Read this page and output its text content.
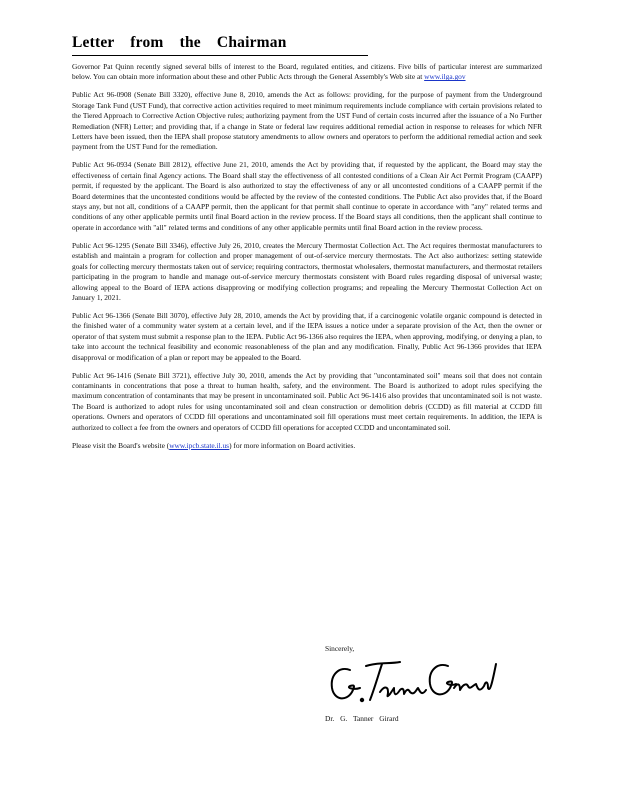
Letter from the Chairman

Governor Pat Quinn recently signed several bills of interest to the Board, regulated entities, and citizens. Five bills of particular interest are summarized below. You can obtain more information about these and other Public Acts through the General Assembly's Web site at www.ilga.gov

Public Act 96-0908 (Senate Bill 3320), effective June 8, 2010, amends the Act as follows: providing, for the purpose of payment from the Underground Storage Tank Fund (UST Fund), that corrective action activities required to meet minimum requirements include compliance with certain provisions related to the Tiered Approach to Corrective Action Objective rules; authorizing payment from the UST Fund of certain costs incurred after the issuance of a No Further Remediation (NFR) Letter; and providing that, if a change in State or federal law requires additional remedial action in response to releases for which NFR Letters have been issued, then the IEPA shall propose statutory amendments to allow owners and operators to perform the additional remedial action and seek payment from the UST Fund for the remediation.

Public Act 96-0934 (Senate Bill 2812), effective June 21, 2010, amends the Act by providing that, if requested by the applicant, the Board may stay the effectiveness of certain final Agency actions. The Board shall stay the effectiveness of all contested conditions of a Clean Air Act Permit Program (CAAPP) permit, if requested by the applicant. The Board is also authorized to stay the effectiveness of any or all uncontested conditions of a CAAPP permit if the Board determines that the uncontested conditions would be affected by the review of the contested conditions. The Public Act also provides that, if the Board stays any, but not all, conditions of a CAAPP permit, then the applicant for that permit shall continue to operate in accordance with "any" related terms and conditions of any other applicable permits until final Board action in the review process. If the Board stays all conditions, then the applicant shall continue to operate in accordance with "all" related terms and conditions of any other applicable permits until final Board action in the review process.

Public Act 96-1295 (Senate Bill 3346), effective July 26, 2010, creates the Mercury Thermostat Collection Act. The Act requires thermostat manufacturers to establish and maintain a program for collection and proper management of out-of-service mercury thermostats. The Act also authorizes: setting statewide goals for collecting mercury thermostats taken out of service; requiring contractors, thermostat wholesalers, thermostat manufacturers, and thermostat retailers participating in the program to handle and manage out-of-service mercury thermostats consistent with Board rules regarding disposal of universal waste; allowing appeal to the Board of IEPA actions disapproving or modifying collection programs; and repealing the Mercury Thermostat Collection Act on January 1, 2021.

Public Act 96-1366 (Senate Bill 3070), effective July 28, 2010, amends the Act by providing that, if a carcinogenic volatile organic compound is detected in the finished water of a community water system at a certain level, and if the IEPA issues a notice under a separate provision of the Act, then the owner or operator of that system must submit a response plan to the IEPA. Public Act 96-1366 also requires the IEPA, when approving, modifying, or denying a plan, to take into account the technical feasibility and economic reasonableness of the plan and any modification. Finally, Public Act 96-1366 provides that IEPA disapproval or modification of a plan or report may be appealed to the Board.

Public Act 96-1416 (Senate Bill 3721), effective July 30, 2010, amends the Act by providing that "uncontaminated soil" means soil that does not contain contaminants in concentrations that pose a threat to human health, safety, and the environment. The Board is authorized to adopt rules specifying the maximum concentration of contaminants that may be present in uncontaminated soil. Public Act 96-1416 also provides that uncontaminated soil is not waste. The Board is authorized to adopt rules for using uncontaminated soil and clean construction or demolition debris (CCDD) as fill material at CCDD fill operations. Owners and operators of CCDD fill operations and uncontaminated soil fill operations must meet certain requirements. In addition, the IEPA is authorized to collect a fee from the owners and operators of CCDD fill operations for accepted CCDD and uncontaminated soil.

Please visit the Board's website (www.ipcb.state.il.us) for more information on Board activities.

Sincerely,
Dr. G. Tanner Girard
